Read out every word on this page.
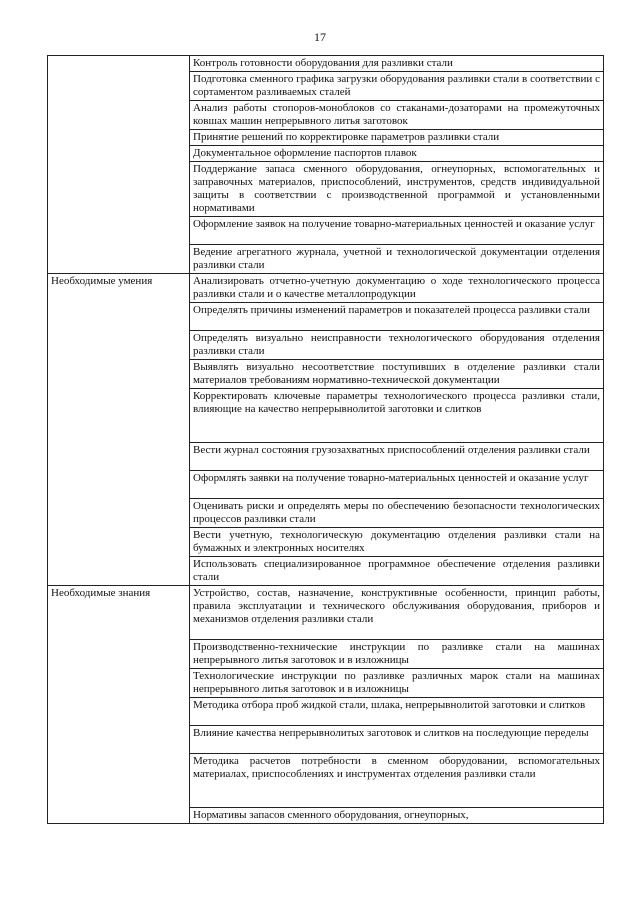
17
	Контроль готовности оборудования для разливки стали
	Подготовка сменного графика загрузки оборудования разливки стали в соответствии с сортаментом разливаемых сталей
	Анализ работы стопоров-моноблоков со стаканами-дозаторами на промежуточных ковшах машин непрерывного литья заготовок
	Принятие решений по корректировке параметров разливки стали
	Документальное оформление паспортов плавок
	Поддержание запаса сменного оборудования, огнеупорных, вспомогательных и заправочных материалов, приспособлений, инструментов, средств индивидуальной защиты в соответствии с производственной программой и установленными нормативами
	Оформление заявок на получение товарно-материальных ценностей и оказание услуг
	Ведение агрегатного журнала, учетной и технологической документации отделения разливки стали
Необходимые умения	Анализировать отчетно-учетную документацию о ходе технологического процесса разливки стали и о качестве металлопродукции
	Определять причины изменений параметров и показателей процесса разливки стали
	Определять визуально неисправности технологического оборудования отделения разливки стали
	Выявлять визуально несоответствие поступивших в отделение разливки стали материалов требованиям нормативно-технической документации
	Корректировать ключевые параметры технологического процесса разливки стали, влияющие на качество непрерывнолитой заготовки и слитков
	Вести журнал состояния грузозахватных приспособлений отделения разливки стали
	Оформлять заявки на получение товарно-материальных ценностей и оказание услуг
	Оценивать риски и определять меры по обеспечению безопасности технологических процессов разливки стали
	Вести учетную, технологическую документацию отделения разливки стали на бумажных и электронных носителях
	Использовать специализированное программное обеспечение отделения разливки стали
Необходимые знания	Устройство, состав, назначение, конструктивные особенности, принцип работы, правила эксплуатации и технического обслуживания оборудования, приборов и механизмов отделения разливки стали
	Производственно-технические инструкции по разливке стали на машинах непрерывного литья заготовок и в изложницы
	Технологические инструкции по разливке различных марок стали на машинах непрерывного литья заготовок и в изложницы
	Методика отбора проб жидкой стали, шлака, непрерывнолитой заготовки и слитков
	Влияние качества непрерывнолитых заготовок и слитков на последующие переделы
	Методика расчетов потребности в сменном оборудовании, вспомогательных материалах, приспособлениях и инструментах отделения разливки стали
	Нормативы запасов сменного оборудования, огнеупорных,
